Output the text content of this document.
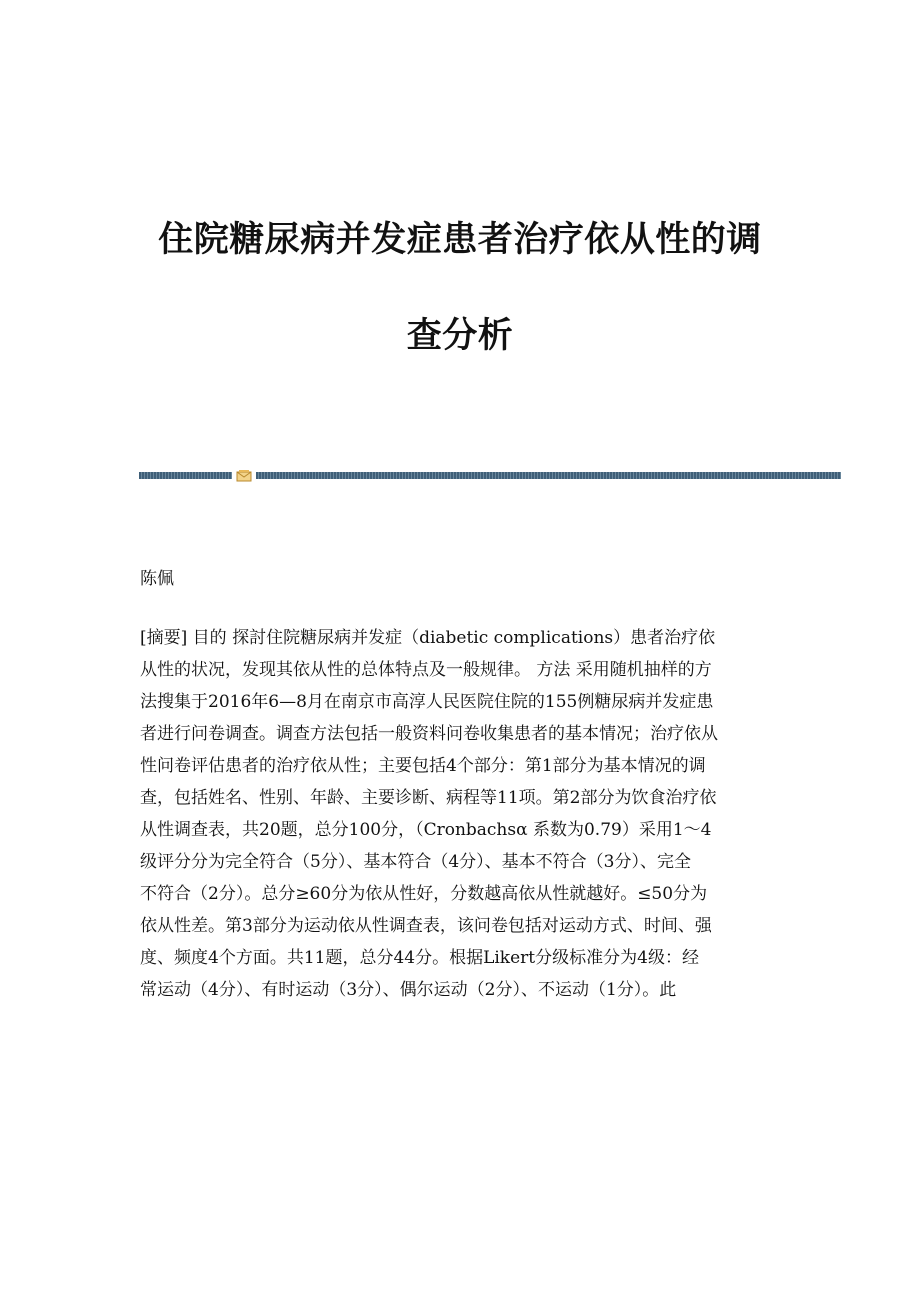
住院糖尿病并发症患者治疗依从性的调
查分析

陈佩

[摘要] 目的 探討住院糖尿病并发症（diabetic complications）患者治疗依
从性的状况，发现其依从性的总体特点及一般规律。 方法 采用随机抽样的方
法搜集于2016年6—8月在南京市高淳人民医院住院的155例糖尿病并发症患
者进行问卷调查。调查方法包括一般资料问卷收集患者的基本情况；治疗依从
性问卷评估患者的治疗依从性；主要包括4个部分：第1部分为基本情况的调
查，包括姓名、性别、年龄、主要诊断、病程等11项。第2部分为饮食治疗依
从性调查表，共20题，总分100分，（Cronbachsα 系数为0.79）采用1～4
级评分分为完全符合（5分）、基本符合（4分）、基本不符合（3分）、完全
不符合（2分）。总分≥60分为依从性好，分数越高依从性就越好。≤50分为
依从性差。第3部分为运动依从性调查表，该问卷包括对运动方式、时间、强
度、频度4个方面。共11题，总分44分。根据Likert分级标准分为4级：经
常运动（4分）、有时运动（3分）、偶尔运动（2分）、不运动（1分）。此
